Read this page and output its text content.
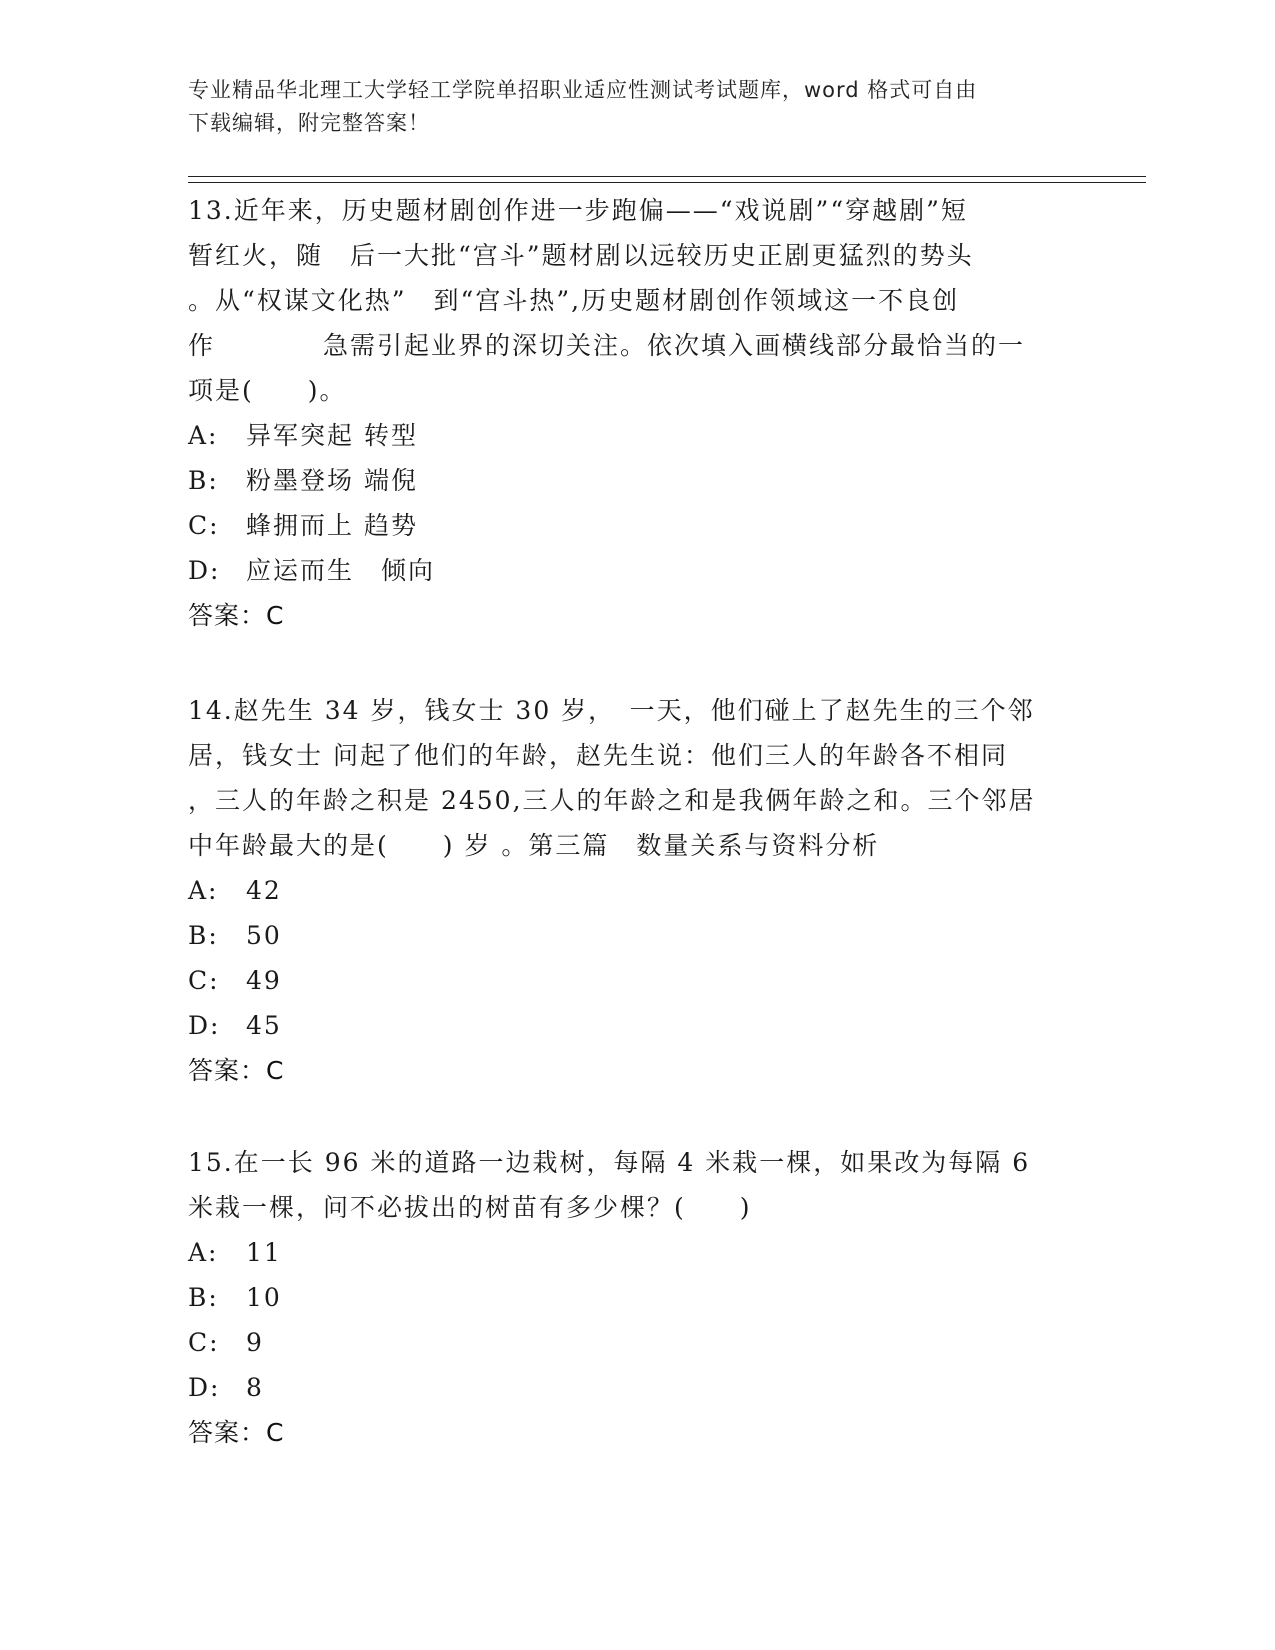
专业精品华北理工大学轻工学院单招职业适应性测试考试题库，word 格式可自由
下载编辑，附完整答案！

13.近年来，历史题材剧创作进一步跑偏——“戏说剧”“穿越剧”短

暂红火，随　后一大批“宫斗”题材剧以远较历史正剧更猛烈的势头

。从“权谋文化热”　到“宫斗热”,历史题材剧创作领域这一不良创

作　　　　急需引起业界的深切关注。依次填入画横线部分最恰当的一

项是(　　)。

A: 异军突起 转型

B: 粉墨登场 端倪

C: 蜂拥而上 趋势

D: 应运而生　倾向

答案：C

14.赵先生 34 岁，钱女士 30 岁，　一天，他们碰上了赵先生的三个邻

居，钱女士 问起了他们的年龄，赵先生说：他们三人的年龄各不相同

，三人的年龄之积是 2450,三人的年龄之和是我俩年龄之和。三个邻居

中年龄最大的是(　　) 岁 。第三篇　数量关系与资料分析

A: 42

B: 50

C: 49

D: 45

答案：C

15.在一长 96 米的道路一边栽树，每隔 4 米栽一棵，如果改为每隔 6

米栽一棵，问不必拔出的树苗有多少棵？(　　)

A: 11

B: 10

C: 9

D: 8

答案：C
